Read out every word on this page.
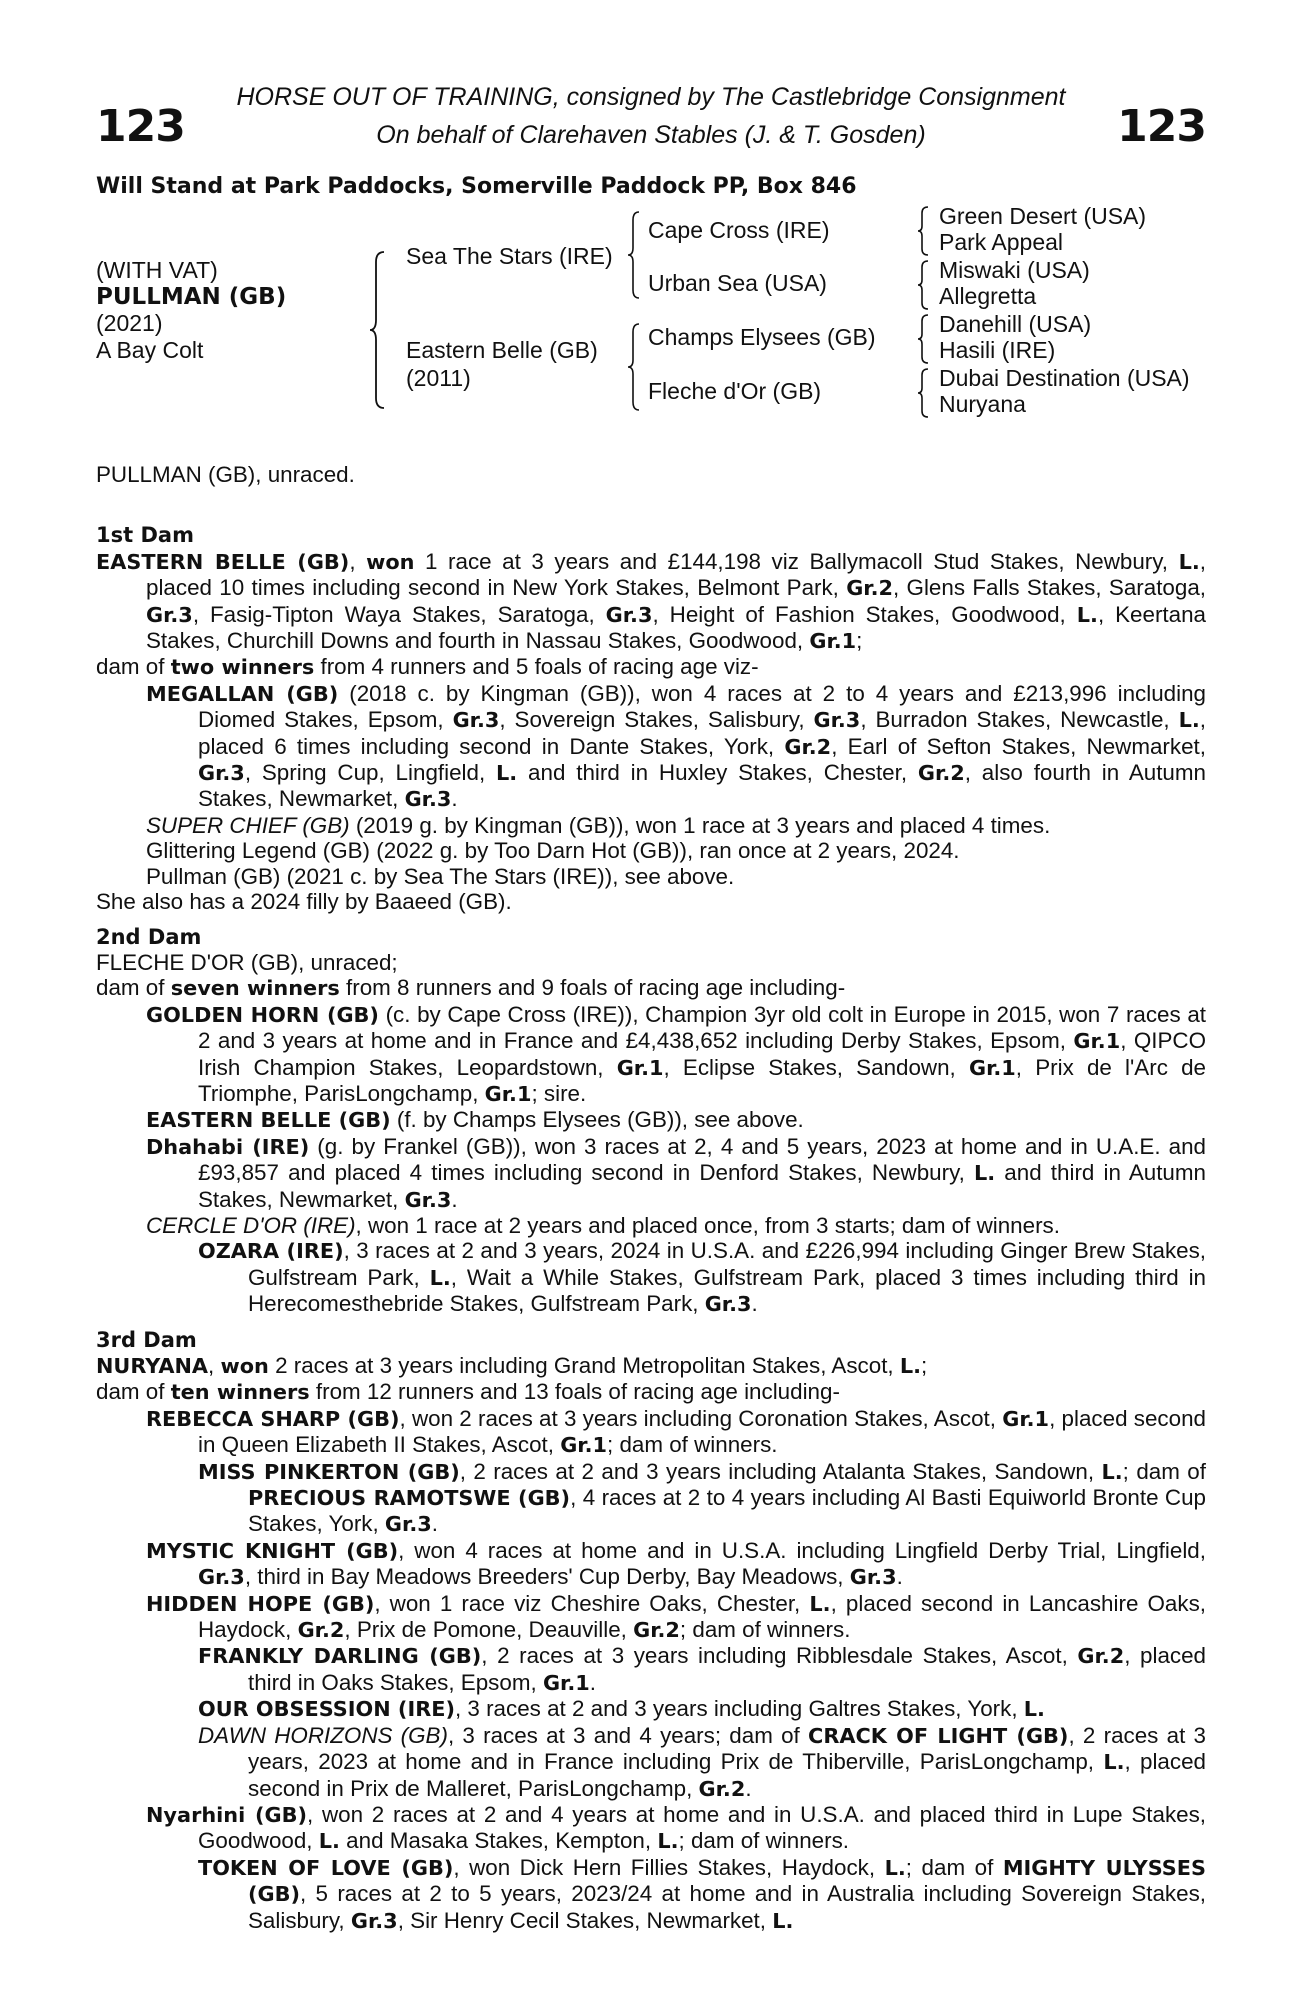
HORSE OUT OF TRAINING, consigned by The Castlebridge Consignment
123	On behalf of Clarehaven Stables (J. & T. Gosden)	123
Will Stand at Park Paddocks, Somerville Paddock PP, Box 846
(WITH VAT)
PULLMAN (GB)
(2021)
A Bay Colt
Sea The Stars (IRE)
Eastern Belle (GB)
(2011)
Cape Cross (IRE)
Urban Sea (USA)
Champs Elysees (GB)
Fleche d'Or (GB)
Green Desert (USA)
Park Appeal
Miswaki (USA)
Allegretta
Danehill (USA)
Hasili (IRE)
Dubai Destination (USA)
Nuryana

PULLMAN (GB), unraced.

1st Dam

EASTERN BELLE (GB), won 1 race at 3 years and £144,198 viz Ballymacoll Stud Stakes, Newbury, L., placed 10 times including second in New York Stakes, Belmont Park, Gr.2, Glens Falls Stakes, Saratoga, Gr.3, Fasig-Tipton Waya Stakes, Saratoga, Gr.3, Height of Fashion Stakes, Goodwood, L., Keertana Stakes, Churchill Downs and fourth in Nassau Stakes, Goodwood, Gr.1;

dam of two winners from 4 runners and 5 foals of racing age viz-

MEGALLAN (GB) (2018 c. by Kingman (GB)), won 4 races at 2 to 4 years and £213,996 including Diomed Stakes, Epsom, Gr.3, Sovereign Stakes, Salisbury, Gr.3, Burradon Stakes, Newcastle, L., placed 6 times including second in Dante Stakes, York, Gr.2, Earl of Sefton Stakes, Newmarket, Gr.3, Spring Cup, Lingfield, L. and third in Huxley Stakes, Chester, Gr.2, also fourth in Autumn Stakes, Newmarket, Gr.3.

SUPER CHIEF (GB) (2019 g. by Kingman (GB)), won 1 race at 3 years and placed 4 times.

Glittering Legend (GB) (2022 g. by Too Darn Hot (GB)), ran once at 2 years, 2024.

Pullman (GB) (2021 c. by Sea The Stars (IRE)), see above.

She also has a 2024 filly by Baaeed (GB).

2nd Dam

FLECHE D'OR (GB), unraced;

dam of seven winners from 8 runners and 9 foals of racing age including-

GOLDEN HORN (GB) (c. by Cape Cross (IRE)), Champion 3yr old colt in Europe in 2015, won 7 races at 2 and 3 years at home and in France and £4,438,652 including Derby Stakes, Epsom, Gr.1, QIPCO Irish Champion Stakes, Leopardstown, Gr.1, Eclipse Stakes, Sandown, Gr.1, Prix de l'Arc de Triomphe, ParisLongchamp, Gr.1; sire.

EASTERN BELLE (GB) (f. by Champs Elysees (GB)), see above.

Dhahabi (IRE) (g. by Frankel (GB)), won 3 races at 2, 4 and 5 years, 2023 at home and in U.A.E. and £93,857 and placed 4 times including second in Denford Stakes, Newbury, L. and third in Autumn Stakes, Newmarket, Gr.3.

CERCLE D'OR (IRE), won 1 race at 2 years and placed once, from 3 starts; dam of winners.

OZARA (IRE), 3 races at 2 and 3 years, 2024 in U.S.A. and £226,994 including Ginger Brew Stakes, Gulfstream Park, L., Wait a While Stakes, Gulfstream Park, placed 3 times including third in Herecomesthebride Stakes, Gulfstream Park, Gr.3.

3rd Dam

NURYANA, won 2 races at 3 years including Grand Metropolitan Stakes, Ascot, L.;

dam of ten winners from 12 runners and 13 foals of racing age including-

REBECCA SHARP (GB), won 2 races at 3 years including Coronation Stakes, Ascot, Gr.1, placed second in Queen Elizabeth II Stakes, Ascot, Gr.1; dam of winners.

MISS PINKERTON (GB), 2 races at 2 and 3 years including Atalanta Stakes, Sandown, L.; dam of PRECIOUS RAMOTSWE (GB), 4 races at 2 to 4 years including Al Basti Equiworld Bronte Cup Stakes, York, Gr.3.

MYSTIC KNIGHT (GB), won 4 races at home and in U.S.A. including Lingfield Derby Trial, Lingfield, Gr.3, third in Bay Meadows Breeders' Cup Derby, Bay Meadows, Gr.3.

HIDDEN HOPE (GB), won 1 race viz Cheshire Oaks, Chester, L., placed second in Lancashire Oaks, Haydock, Gr.2, Prix de Pomone, Deauville, Gr.2; dam of winners.

FRANKLY DARLING (GB), 2 races at 3 years including Ribblesdale Stakes, Ascot, Gr.2, placed third in Oaks Stakes, Epsom, Gr.1.

OUR OBSESSION (IRE), 3 races at 2 and 3 years including Galtres Stakes, York, L.

DAWN HORIZONS (GB), 3 races at 3 and 4 years; dam of CRACK OF LIGHT (GB), 2 races at 3 years, 2023 at home and in France including Prix de Thiberville, ParisLongchamp, L., placed second in Prix de Malleret, ParisLongchamp, Gr.2.

Nyarhini (GB), won 2 races at 2 and 4 years at home and in U.S.A. and placed third in Lupe Stakes, Goodwood, L. and Masaka Stakes, Kempton, L.; dam of winners.

TOKEN OF LOVE (GB), won Dick Hern Fillies Stakes, Haydock, L.; dam of MIGHTY ULYSSES (GB), 5 races at 2 to 5 years, 2023/24 at home and in Australia including Sovereign Stakes, Salisbury, Gr.3, Sir Henry Cecil Stakes, Newmarket, L.
